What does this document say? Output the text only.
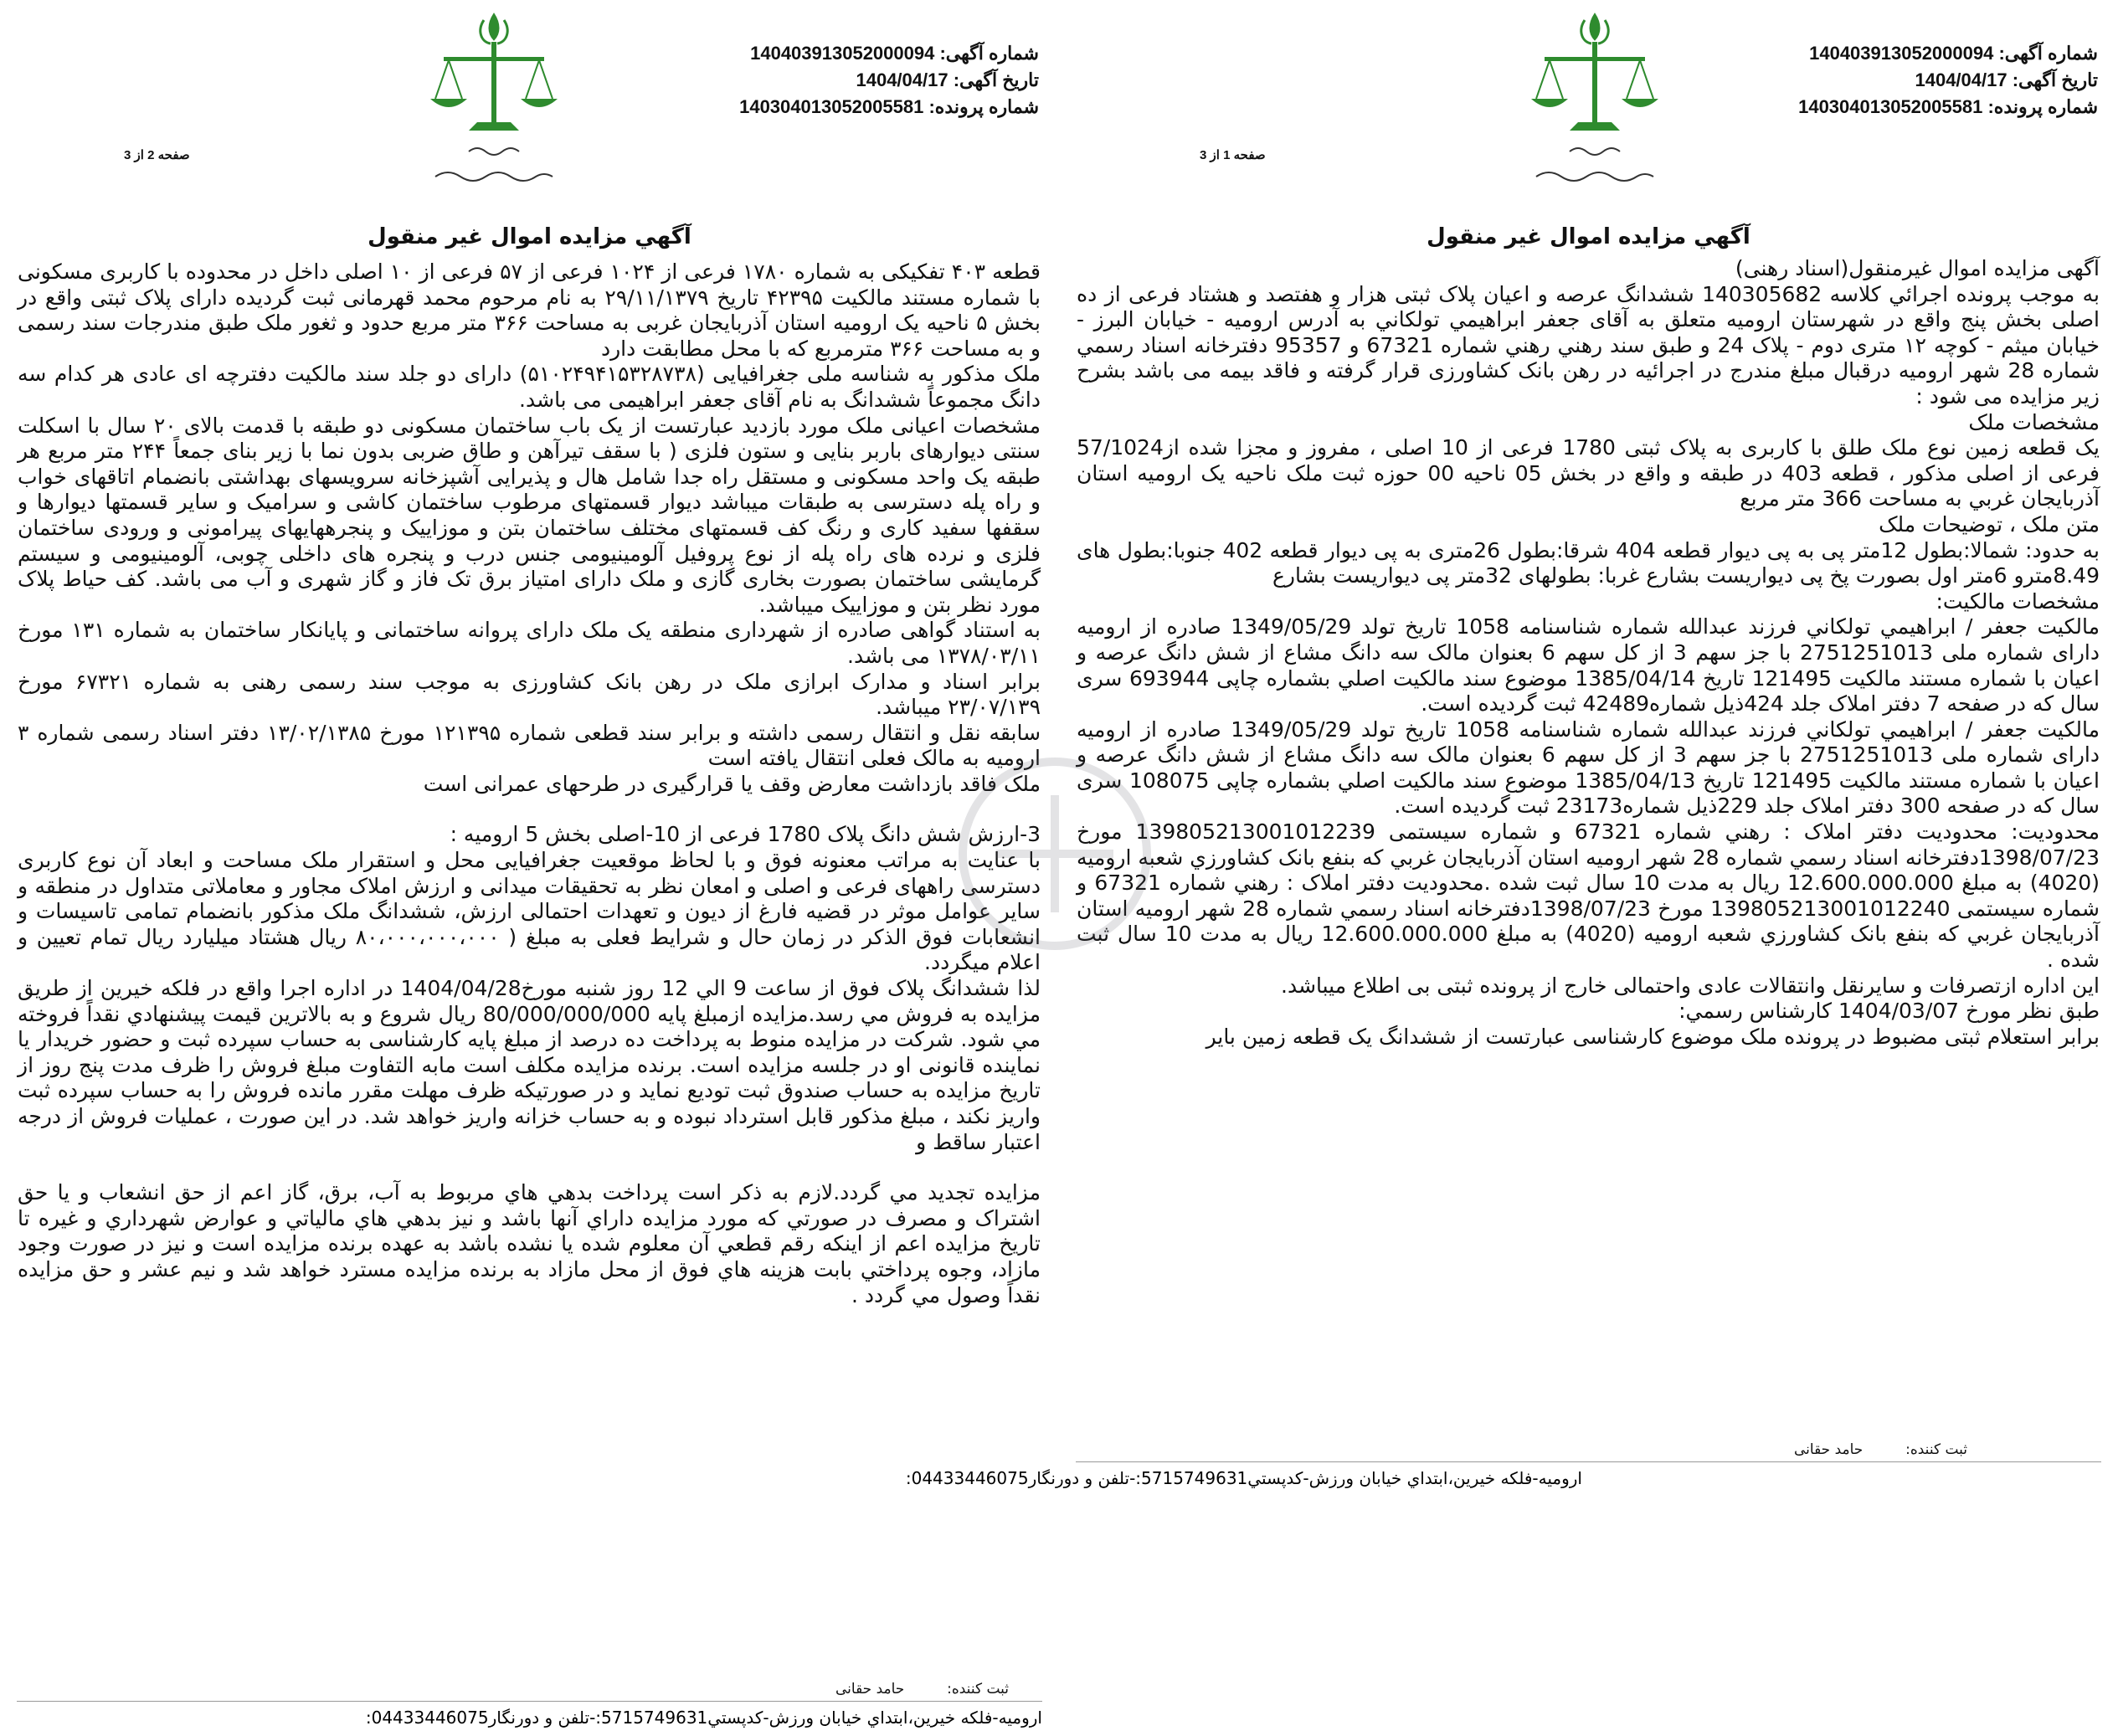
شماره آگهی: 140403913052000094
تاریخ آگهی: 1404/04/17
شماره پرونده: 140304013052005581
صفحه 1 از 3
آگهي مزايده اموال غير منقول

آگهی مزایده اموال غیرمنقول(اسناد رهنی)

به موجب پرونده اجرائي كلاسه 140305682 ششدانگ عرصه و اعيان پلاک ثبتی هزار و هفتصد و هشتاد فرعی از ده اصلی بخش پنج واقع در شهرستان اروميه متعلق به آقای جعفر ابراهيمي تولكاني به آدرس اروميه - خيابان البرز - خيابان ميثم - كوچه ۱۲ متری دوم - پلاک 24 و طبق سند رهني رهني شماره 67321 و 95357 دفترخانه اسناد رسمي شماره 28 شهر اروميه درقبال مبلغ مندرج در اجرائيه در رهن بانک كشاورزی قرار گرفته و فاقد بيمه می باشد بشرح زير مزايده می شود :

مشخصات ملک

يک قطعه زمين نوع ملک طلق با كاربری به پلاک ثبتی 1780 فرعی از 10 اصلی ، مفروز و مجزا شده از57/1024 فرعی از اصلی مذكور ، قطعه 403 در طبقه و واقع در بخش 05 ناحيه 00 حوزه ثبت ملک ناحيه يک اروميه استان آذربايجان غربي به مساحت 366 متر مربع

متن ملک ، توضيحات ملک

به حدود: شمالا:بطول 12متر پی به پی ديوار قطعه 404 شرقا:بطول 26متری به پی ديوار قطعه 402 جنوبا:بطول های 8.49مترو 6متر اول بصورت پخ پی ديواريست بشارع غربا: بطولهای 32متر پی ديواريست بشارع

مشخصات مالكيت:

مالكيت جعفر / ابراهيمي تولكاني فرزند عبدالله شماره شناسنامه 1058 تاريخ تولد 1349/05/29 صادره از اروميه دارای شماره ملی 2751251013 با جز سهم 3 از كل سهم 6 بعنوان مالک سه دانگ مشاع از شش دانگ عرصه و اعيان با شماره مستند مالكيت 121495 تاريخ 1385/04/14 موضوع سند مالكيت اصلي بشماره چاپی 693944 سری سال كه در صفحه 7 دفتر املاک جلد 424ذيل شماره42489 ثبت گرديده است.

مالكيت جعفر / ابراهيمي تولكاني فرزند عبدالله شماره شناسنامه 1058 تاريخ تولد 1349/05/29 صادره از اروميه دارای شماره ملی 2751251013 با جز سهم 3 از كل سهم 6 بعنوان مالک سه دانگ مشاع از شش دانگ عرصه و اعيان با شماره مستند مالكيت 121495 تاريخ 1385/04/13 موضوع سند مالكيت اصلي بشماره چاپی 108075 سری سال كه در صفحه 300 دفتر املاک جلد 229ذيل شماره23173 ثبت گرديده است.

محدوديت: محدوديت دفتر املاک : رهني شماره 67321 و شماره سيستمی 13980521300101223​9 مورخ 1398/07/23دفترخانه اسناد رسمي شماره 28 شهر اروميه استان آذربايجان غربي كه بنفع بانک كشاورزي شعبه اروميه (4020) به مبلغ 12.600.000.000 ريال به مدت 10 سال ثبت شده .محدوديت دفتر املاک : رهني شماره 67321 و شماره سيستمی 139805213001012240 مورخ 1398/07/23دفترخانه اسناد رسمي شماره 28 شهر اروميه استان آذربايجان غربي كه بنفع بانک كشاورزي شعبه اروميه (4020) به مبلغ 12.600.000.000 ريال به مدت 10 سال ثبت شده .

اين اداره ازتصرفات و سايرنقل وانتقالات عادی واحتمالی خارج از پرونده ثبتی بی اطلاع ميباشد.

طبق نظر مورخ 1404/03/07 كارشناس رسمي:

برابر استعلام ثبتی مضبوط در پرونده ملک موضوع كارشناسی عبارتست از ششدانگ يک قطعه زمين باير

ثبت کننده:  حامد حقانی
اروميه-فلكه خيرين،ابتداي خيابان ورزش-كدپستي5715749631:-تلفن و دورنگار04433446075:
شماره آگهی: 140403913052000094
تاریخ آگهی: 1404/04/17
شماره پرونده: 140304013052005581
صفحه 2 از 3
آگهي مزايده اموال غير منقول

قطعه ۴۰۳ تفکیکی به شماره ۱۷۸۰ فرعی از ۱۰۲۴ فرعی از ۵۷ فرعی از ۱۰ اصلی داخل در محدوده با کاربری مسکونی با شماره مستند مالکیت ۴۲۳۹۵ تاریخ ۲۹/۱۱/۱۳۷۹ به نام مرحوم محمد قهرمانی ثبت گردیده دارای پلاک ثبتی واقع در بخش ۵ ناحیه یک ارومیه استان آذربایجان غربی به مساحت ۳۶۶ متر مربع حدود و ثغور ملک طبق مندرجات سند رسمی و به مساحت ۳۶۶ مترمربع که با محل مطابقت دارد

ملک مذکور به شناسه ملی جغرافیایی (۵۱۰۲۴۹۴۱۵۳۲۸۷۳۸) دارای دو جلد سند مالکیت دفترچه ای عادی هر کدام سه دانگ مجموعاً ششدانگ به نام آقای جعفر ابراهیمی می باشد.

مشخصات اعیانی ملک مورد بازدید عبارتست از یک باب ساختمان مسکونی دو طبقه با قدمت بالای ۲۰ سال با اسکلت سنتی دیوارهای باربر بنایی و ستون فلزی ( با سقف تیرآهن و طاق ضربی بدون نما با زیر بنای جمعاً ۲۴۴ متر مربع هر طبقه یک واحد مسکونی و مستقل راه جدا شامل هال و پذیرایی آشپزخانه سرویسهای بهداشتی بانضمام اتاقهای خواب و راه پله دسترسی به طبقات میباشد دیوار قسمتهای مرطوب ساختمان کاشی و سرامیک و سایر قسمتها دیوارها و سقفها سفید کاری و رنگ کف قسمتهای مختلف ساختمان بتن و موزاییک و پنجرههایهای پیرامونی و ورودی ساختمان فلزی و نرده های راه پله از نوع پروفیل آلومینیومی جنس درب و پنجره های داخلی چوبی، آلومینیومی و سیستم گرمایشی ساختمان بصورت بخاری گازی و ملک دارای امتیاز برق تک فاز و گاز شهری و آب می باشد. کف حیاط پلاک مورد نظر بتن و موزاییک میباشد.

به استناد گواهی صادره از شهرداری منطقه یک ملک دارای پروانه ساختمانی و پایانکار ساختمان به شماره ۱۳۱ مورخ ۱۳۷۸/۰۳/۱۱ می باشد.

برابر اسناد و مدارک ابرازی ملک در رهن بانک کشاورزی به موجب سند رسمی رهنی به شماره ۶۷۳۲۱ مورخ ۲۳/۰۷/۱۳۹ میباشد.

سابقه نقل و انتقال رسمی داشته و برابر سند قطعی شماره ۱۲۱۳۹۵ مورخ ۱۳/۰۲/۱۳۸۵ دفتر اسناد رسمی شماره ۳ ارومیه به مالک فعلی انتقال یافته است

ملک فاقد بازداشت معارض وقف یا قرارگیری در طرحهای عمرانی است

3-ارزش شش دانگ پلاک 1780 فرعی از 10-اصلی بخش 5 ارومیه :

با عنایت به مراتب معنونه فوق و با لحاظ موقعیت جغرافیایی محل و استقرار ملک مساحت و ابعاد آن نوع کاربری دسترسی راههای فرعی و اصلی و امعان نظر به تحقیقات میدانی و ارزش املاک مجاور و معاملاتی متداول در منطقه و سایر عوامل موثر در قضیه فارغ از دیون و تعهدات احتمالی ارزش، ششدانگ ملک مذکور بانضمام تمامی تاسیسات و انشعابات فوق الذکر در زمان حال و شرایط فعلی به مبلغ ( ۸۰،۰۰۰،۰۰۰،۰۰۰ ریال هشتاد میلیارد ریال تمام تعیین و اعلام میگردد.

لذا ششدانگ پلاک فوق از ساعت 9 الي 12 روز شنبه مورخ1404/04/28 در اداره اجرا واقع در فلكه خيرين از طريق مزايده به فروش مي رسد.مزايده ازمبلغ پايه 80/000/000/000 ريال شروع و به بالاترين قيمت پيشنهادي نقداً فروخته مي شود. شركت در مزايده منوط به پرداخت ده درصد از مبلغ پايه كارشناسی به حساب سپرده ثبت و حضور خريدار يا نماينده قانونی او در جلسه مزايده است. برنده مزايده مكلف است مابه التفاوت مبلغ فروش را ظرف مدت پنج روز از تاريخ مزايده به حساب صندوق ثبت توديع نمايد و در صورتيكه ظرف مهلت مقرر مانده فروش را به حساب سپرده ثبت واريز نكند ، مبلغ مذكور قابل استرداد نبوده و به حساب خزانه واريز خواهد شد. در اين صورت ، عمليات فروش از درجه اعتبار ساقط و

مزايده تجديد مي گردد.لازم به ذكر است پرداخت بدهي هاي مربوط به آب، برق، گاز اعم از حق انشعاب و يا حق اشتراک و مصرف در صورتي كه مورد مزايده داراي آنها باشد و نيز بدهي هاي مالياتي و عوارض شهرداري و غيره تا تاريخ مزايده اعم از اينكه رقم قطعي آن معلوم شده يا نشده باشد به عهده برنده مزايده است و نيز در صورت وجود مازاد، وجوه پرداختي بابت هزينه هاي فوق از محل مازاد به برنده مزايده مسترد خواهد شد و نيم عشر و حق مزايده نقداً وصول مي گردد .

ثبت کننده:  حامد حقانی
اروميه-فلكه خيرين،ابتداي خيابان ورزش-كدپستي5715749631:-تلفن و دورنگار04433446075:
